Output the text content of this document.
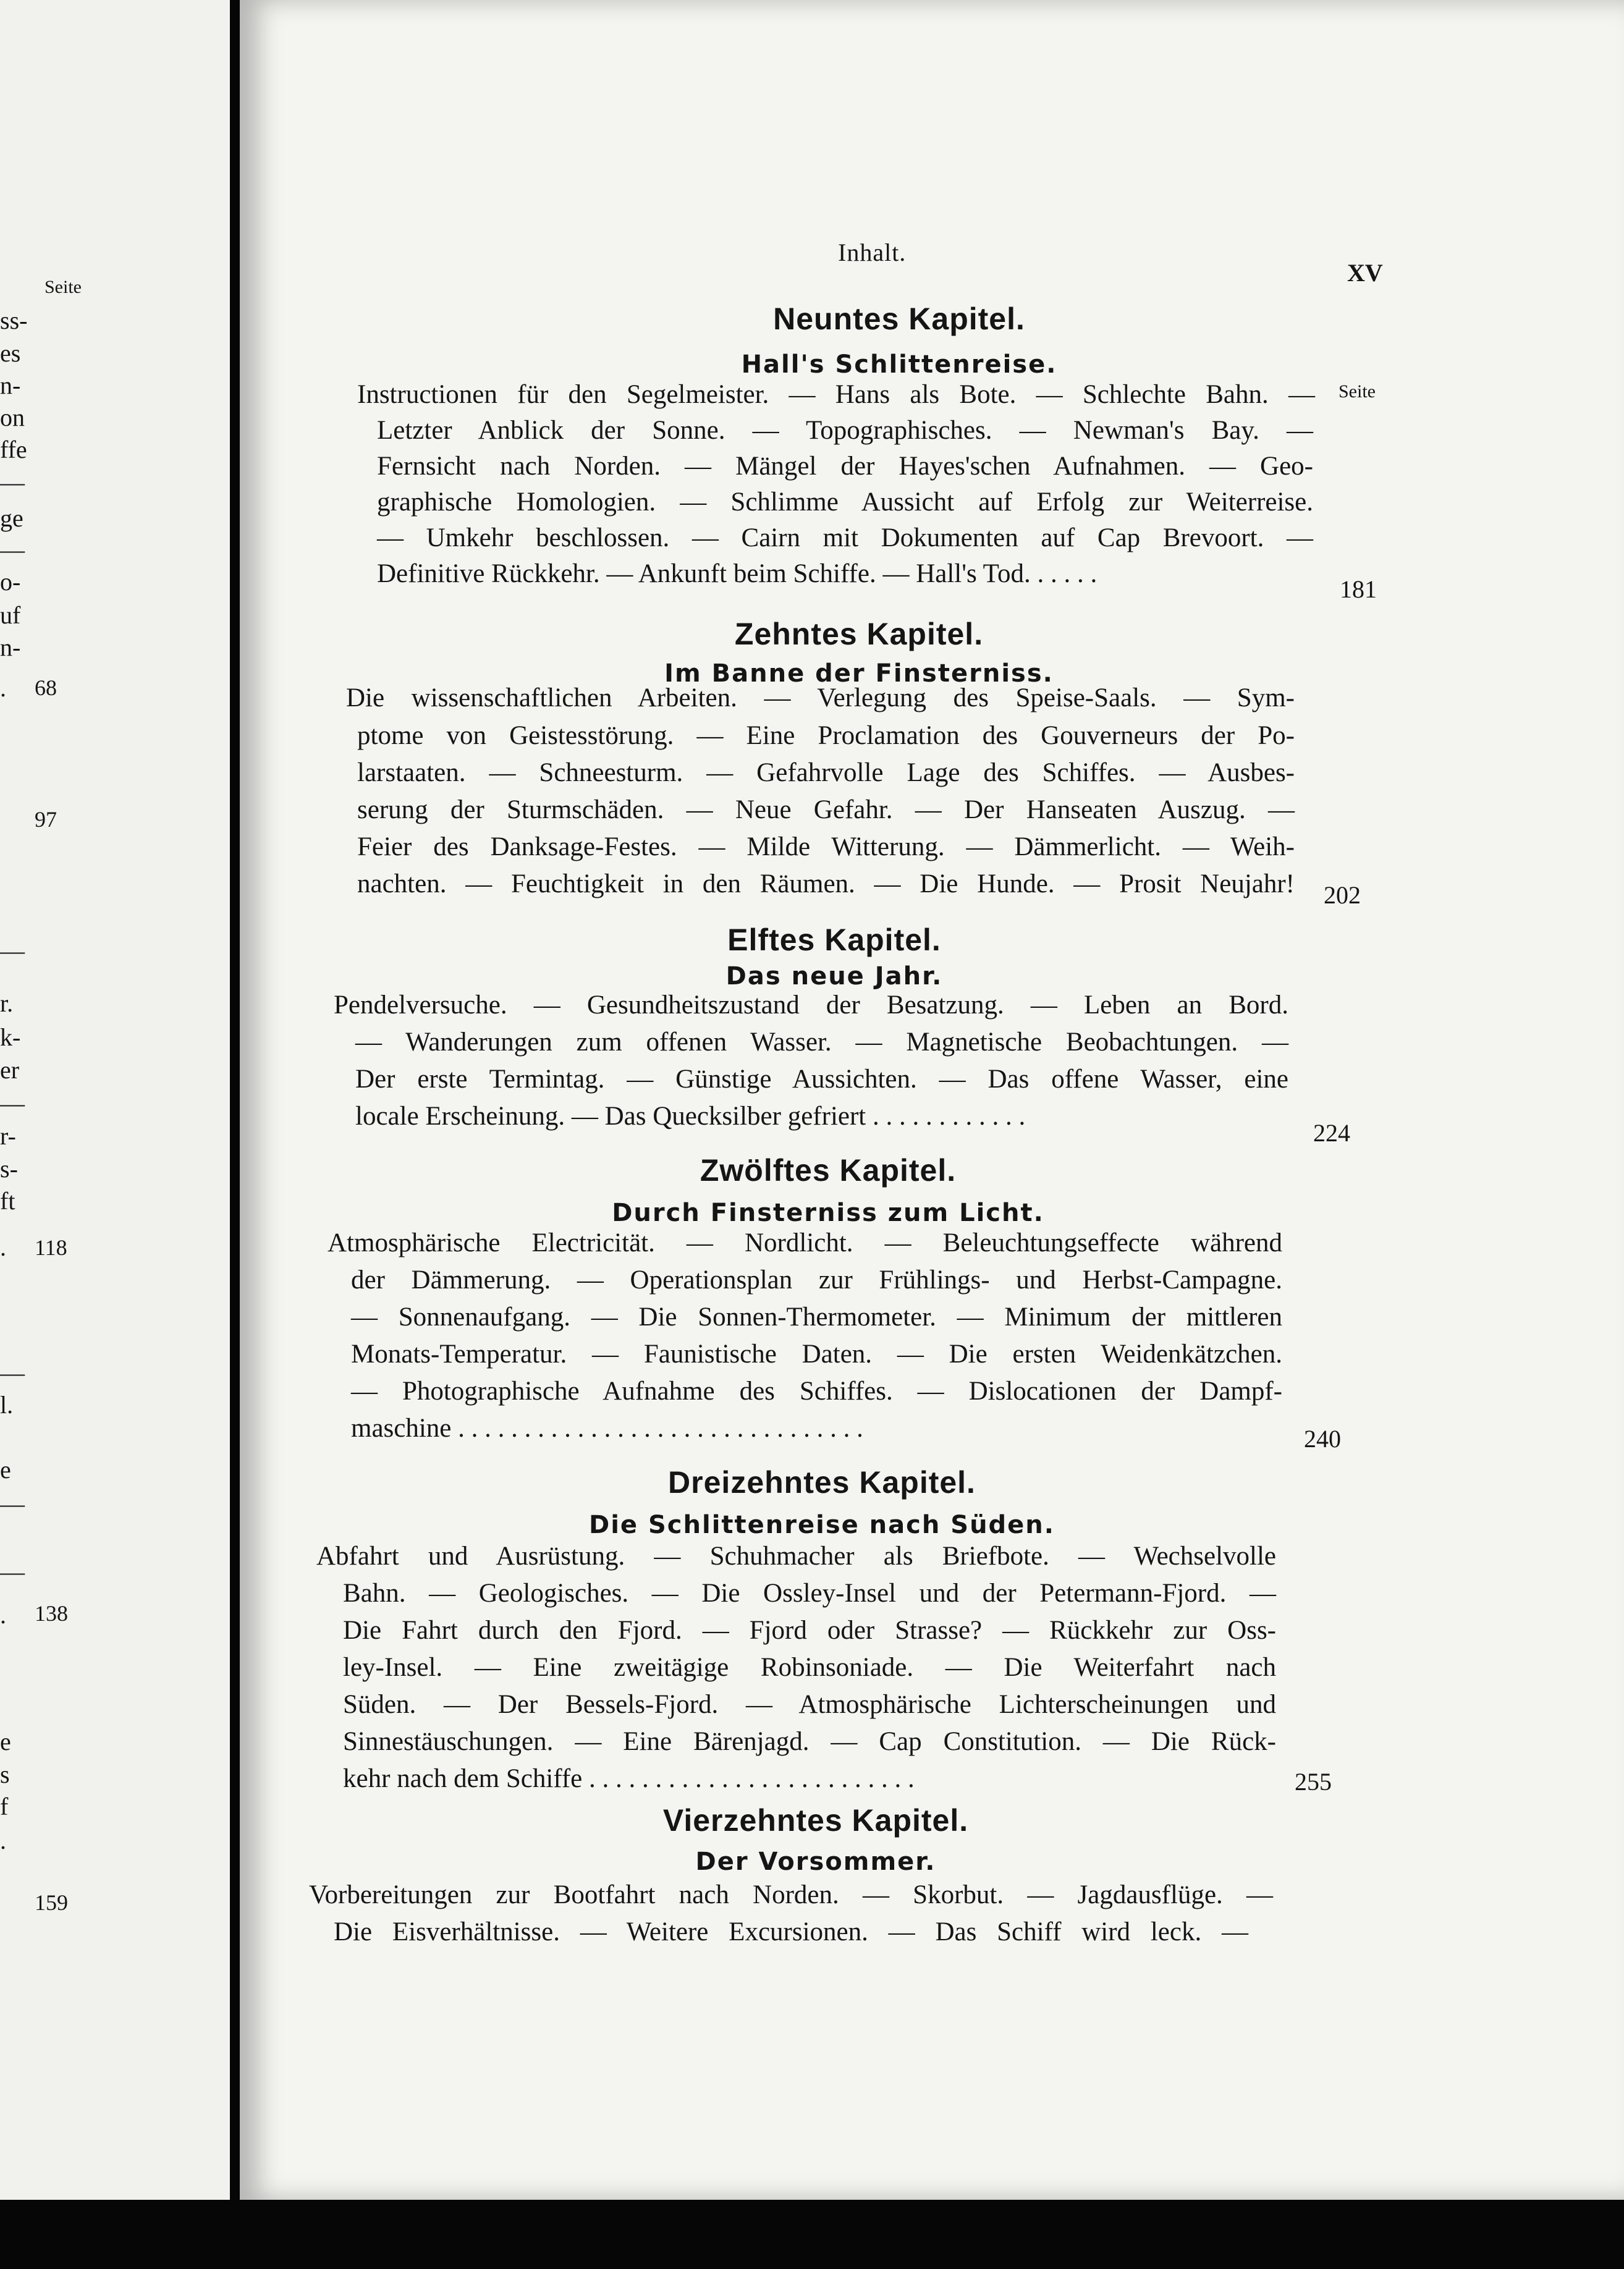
Seite
68
97
118
138
159
ss-
es
n-
on
ffe
—
ge
—
o-
uf
n-
.
—
r.
k-
er
—
r-
s-
ft
.
—
l.
e
—
—
.
e
s
f
.
Inhalt.
XV
Seite
Neuntes Kapitel.
Hall's Schlittenreise.
Instructionen für den Segelmeister. — Hans als Bote. — Schlechte Bahn. —
Letzter Anblick der Sonne. — Topographisches. — Newman's Bay. —
Fernsicht nach Norden. — Mängel der Hayes'schen Aufnahmen. — Geo-
graphische Homologien. — Schlimme Aussicht auf Erfolg zur Weiterreise.
— Umkehr beschlossen. — Cairn mit Dokumenten auf Cap Brevoort. —
Definitive Rückkehr. — Ankunft beim Schiffe. — Hall's Tod. . . . . .
181
Zehntes Kapitel.
Im Banne der Finsterniss.
Die wissenschaftlichen Arbeiten. — Verlegung des Speise-Saals. — Sym-
ptome von Geistesstörung. — Eine Proclamation des Gouverneurs der Po-
larstaaten. — Schneesturm. — Gefahrvolle Lage des Schiffes. — Ausbes-
serung der Sturmschäden. — Neue Gefahr. — Der Hanseaten Auszug. —
Feier des Danksage-Festes. — Milde Witterung. — Dämmerlicht. — Weih-
nachten. — Feuchtigkeit in den Räumen. — Die Hunde. — Prosit Neujahr! 202
Elftes Kapitel.
Das neue Jahr.
Pendelversuche. — Gesundheitszustand der Besatzung. — Leben an Bord.
— Wanderungen zum offenen Wasser. — Magnetische Beobachtungen. —
Der erste Termintag. — Günstige Aussichten. — Das offene Wasser, eine
locale Erscheinung. — Das Quecksilber gefriert . . . . . . . . . . . .
224
Zwölftes Kapitel.
Durch Finsterniss zum Licht.
Atmosphärische Electricität. — Nordlicht. — Beleuchtungseffecte während
der Dämmerung. — Operationsplan zur Frühlings- und Herbst-Campagne.
— Sonnenaufgang. — Die Sonnen-Thermometer. — Minimum der mittleren
Monats-Temperatur. — Faunistische Daten. — Die ersten Weidenkätzchen.
— Photographische Aufnahme des Schiffes. — Dislocationen der Dampf-
maschine . . . . . . . . . . . . . . . . . . . . . . . . . . . . . . .	240
Dreizehntes Kapitel.
Die Schlittenreise nach Süden.
Abfahrt und Ausrüstung. — Schuhmacher als Briefbote. — Wechselvolle
Bahn. — Geologisches. — Die Ossley-Insel und der Petermann-Fjord. —
Die Fahrt durch den Fjord. — Fjord oder Strasse? — Rückkehr zur Oss-
ley-Insel. — Eine zweitägige Robinsoniade. — Die Weiterfahrt nach
Süden. — Der Bessels-Fjord. — Atmosphärische Lichterscheinungen und
Sinnestäuschungen. — Eine Bärenjagd. — Cap Constitution. — Die Rück-
kehr nach dem Schiffe . . . . . . . . . . . . . . . . . . . . . . . . .	255
Vierzehntes Kapitel.
Der Vorsommer.
Vorbereitungen zur Bootfahrt nach Norden. — Skorbut. — Jagdausflüge. —
Die Eisverhältnisse. — Weitere Excursionen. — Das Schiff wird leck. —
